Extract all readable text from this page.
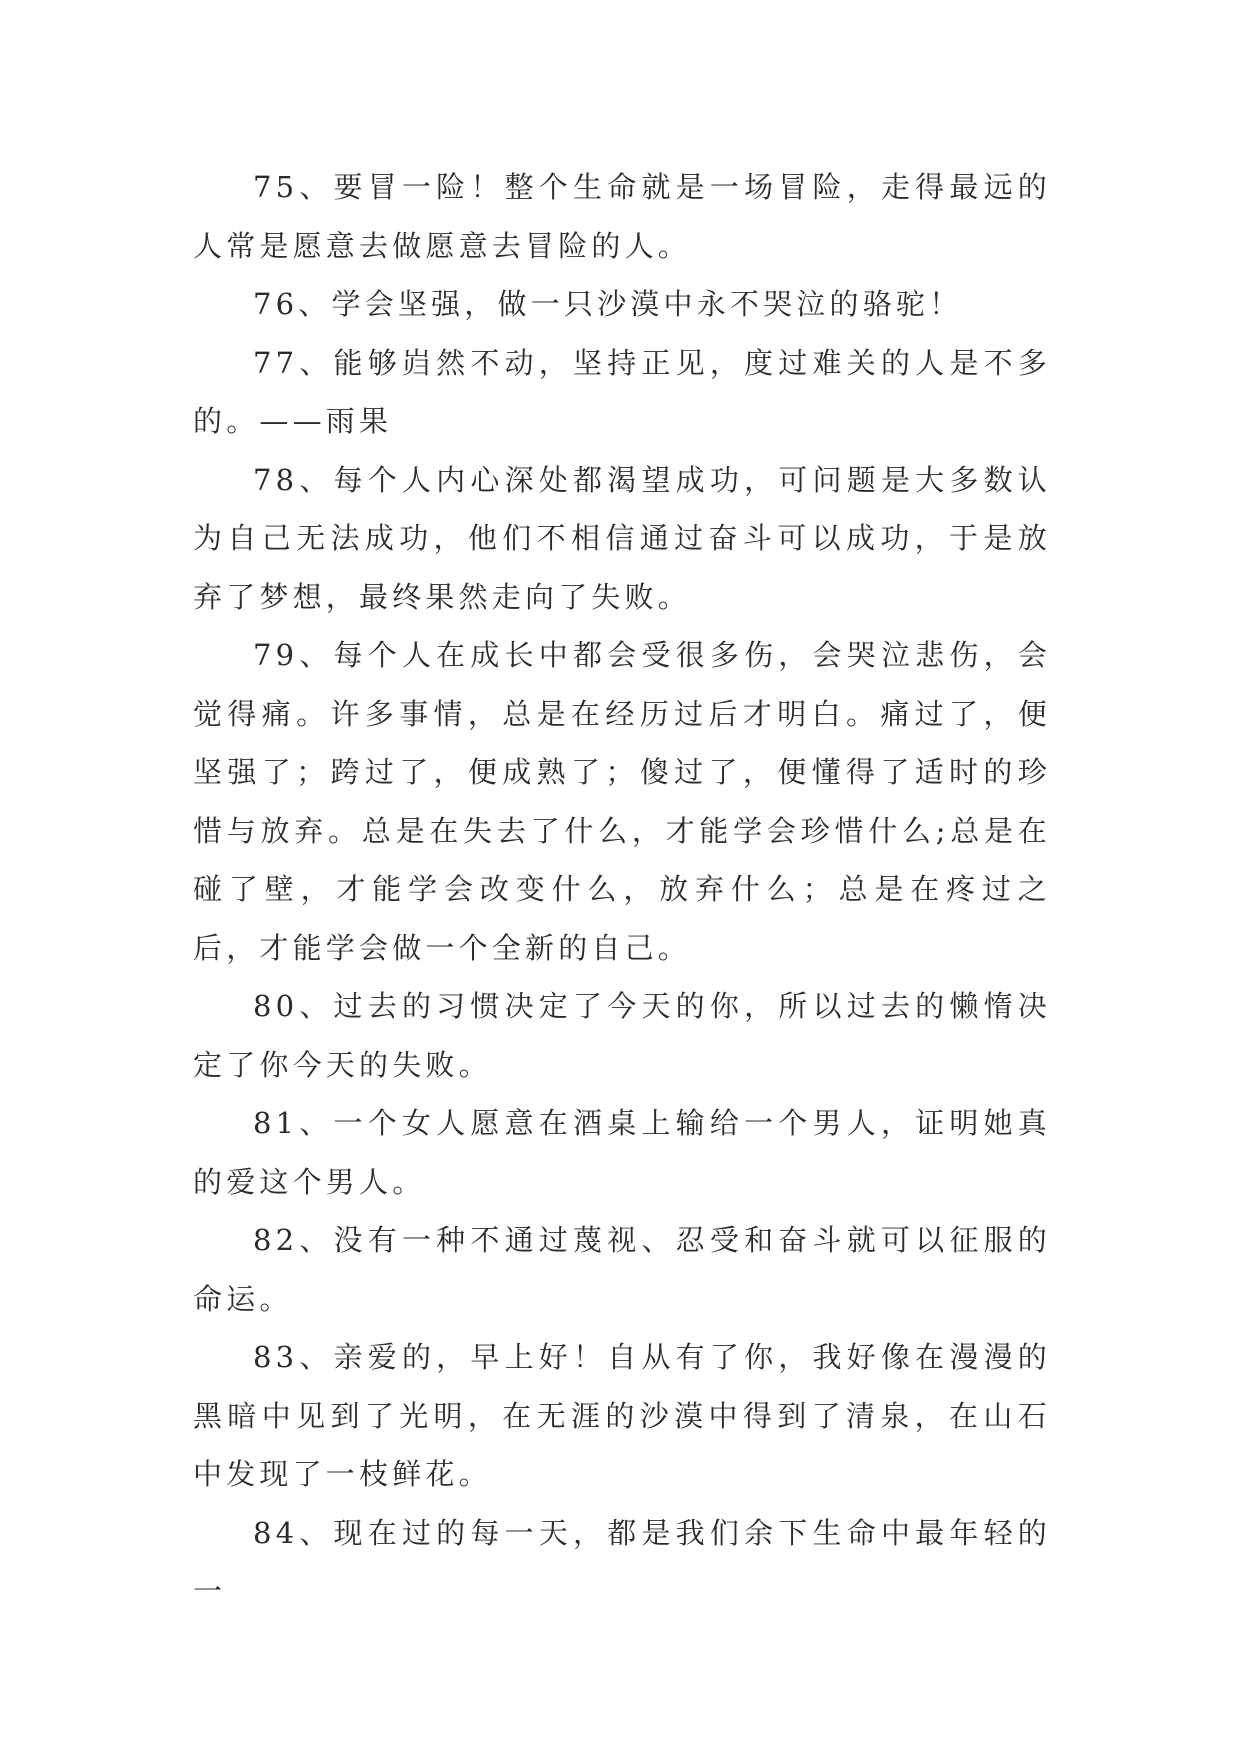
75、要冒一险！整个生命就是一场冒险，走得最远的人常是愿意去做愿意去冒险的人。

76、学会坚强，做一只沙漠中永不哭泣的骆驼！

77、能够岿然不动，坚持正见，度过难关的人是不多的。——雨果

78、每个人内心深处都渴望成功，可问题是大多数认为自己无法成功，他们不相信通过奋斗可以成功，于是放弃了梦想，最终果然走向了失败。

79、每个人在成长中都会受很多伤，会哭泣悲伤，会觉得痛。许多事情，总是在经历过后才明白。痛过了，便坚强了；跨过了，便成熟了；傻过了，便懂得了适时的珍惜与放弃。总是在失去了什么，才能学会珍惜什么;总是在碰了壁，才能学会改变什么，放弃什么；总是在疼过之后，才能学会做一个全新的自己。

80、过去的习惯决定了今天的你，所以过去的懒惰决定了你今天的失败。

81、一个女人愿意在酒桌上输给一个男人，证明她真的爱这个男人。

82、没有一种不通过蔑视、忍受和奋斗就可以征服的命运。

83、亲爱的，早上好！自从有了你，我好像在漫漫的黑暗中见到了光明，在无涯的沙漠中得到了清泉，在山石中发现了一枝鲜花。

84、现在过的每一天，都是我们余下生命中最年轻的一
